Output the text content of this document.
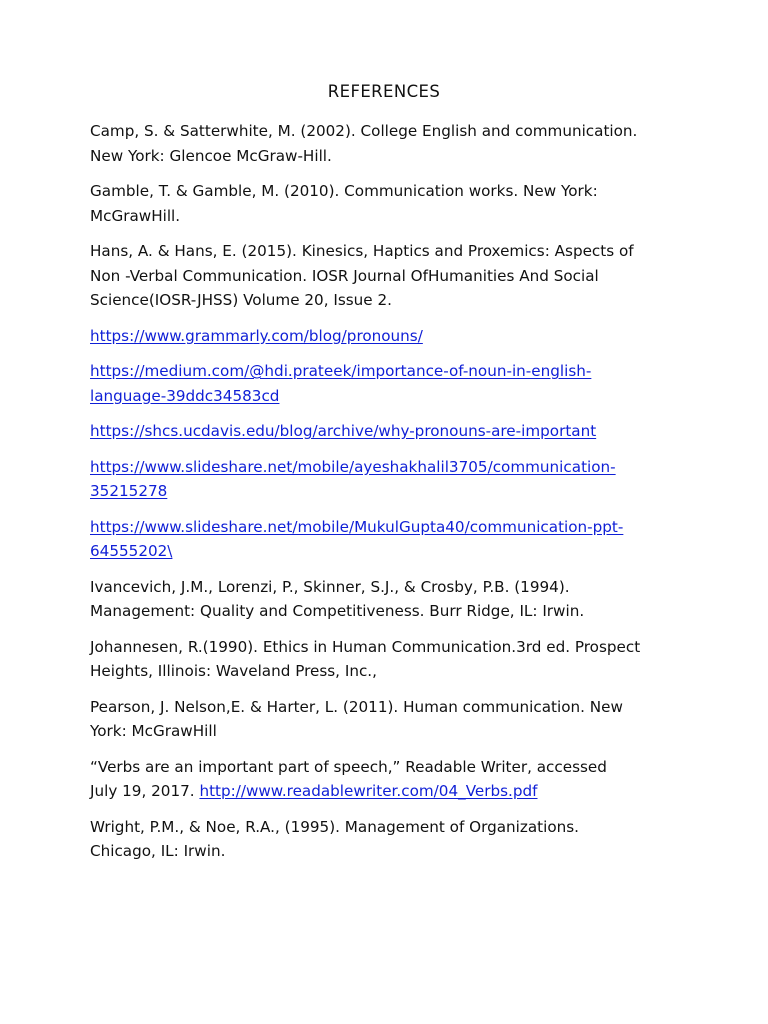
REFERENCES

Camp, S. & Satterwhite, M. (2002). College English and communication.
New York: Glencoe McGraw-Hill.

Gamble, T. & Gamble, M. (2010). Communication works. New York:
McGrawHill.

Hans, A. & Hans, E. (2015). Kinesics, Haptics and Proxemics: Aspects of
Non -Verbal Communication. IOSR Journal OfHumanities And Social
Science(IOSR-JHSS) Volume 20, Issue 2.

https://www.grammarly.com/blog/pronouns/

https://medium.com/@hdi.prateek/importance-of-noun-in-english-
language-39ddc34583cd

https://shcs.ucdavis.edu/blog/archive/why-pronouns-are-important

https://www.slideshare.net/mobile/ayeshakhalil3705/communication-
35215278

https://www.slideshare.net/mobile/MukulGupta40/communication-ppt-
64555202\

Ivancevich, J.M., Lorenzi, P., Skinner, S.J., & Crosby, P.B. (1994).
Management: Quality and Competitiveness. Burr Ridge, IL: Irwin.

Johannesen, R.(1990). Ethics in Human Communication.3rd ed. Prospect
Heights, Illinois: Waveland Press, Inc.,

Pearson, J. Nelson,E. & Harter, L. (2011). Human communication. New
York: McGrawHill

“Verbs are an important part of speech,” Readable Writer, accessed
July 19, 2017. http://www.readablewriter.com/04_Verbs.pdf

Wright, P.M., & Noe, R.A., (1995). Management of Organizations.
Chicago, IL: Irwin.
